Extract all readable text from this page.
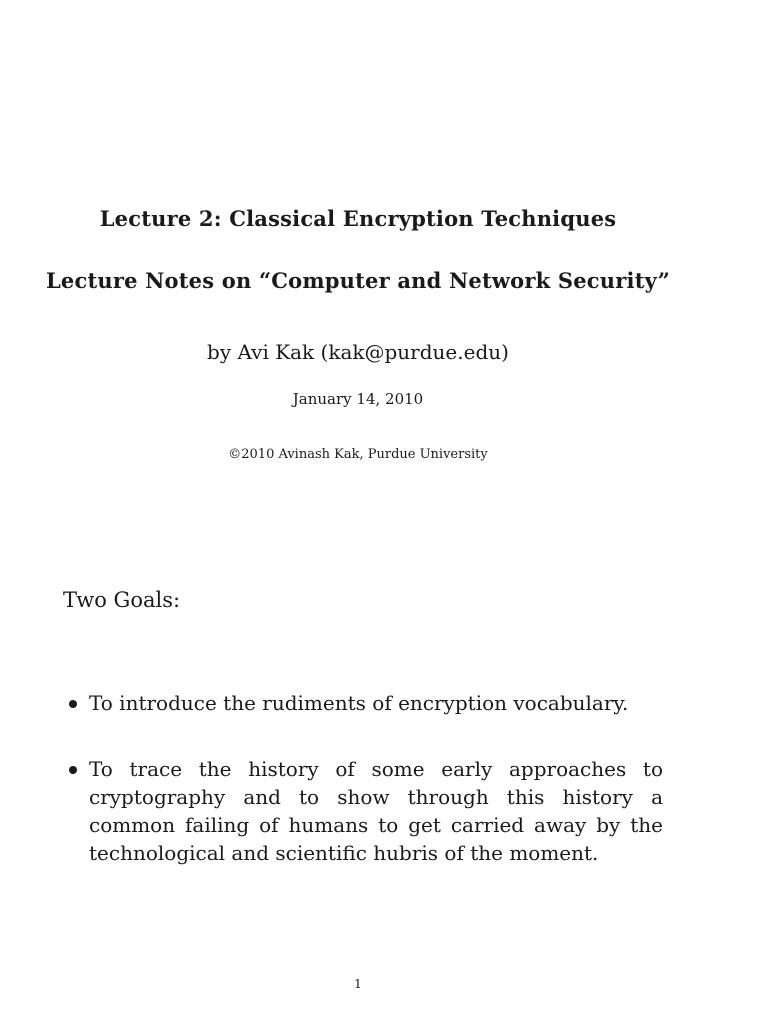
Lecture 2: Classical Encryption Techniques
Lecture Notes on “Computer and Network Security”
by Avi Kak (kak@purdue.edu)
January 14, 2010
©2010 Avinash Kak, Purdue University
Two Goals:
To introduce the rudiments of encryption vocabulary.
To trace the history of some early approaches to cryptography and to show through this history a common failing of humans to get carried away by the technological and scientific hubris of the moment.
1
